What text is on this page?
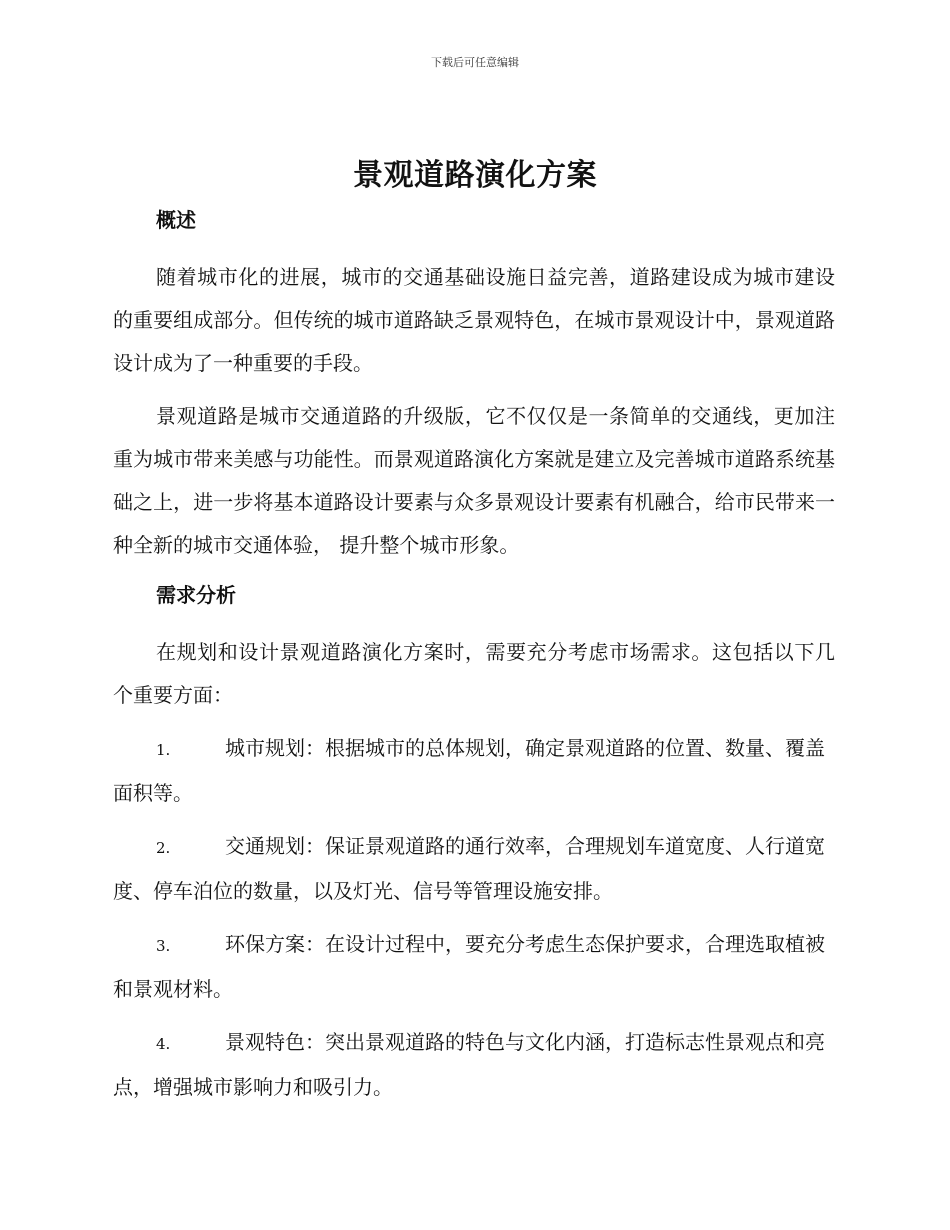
下载后可任意编辑
景观道路演化方案

概述

随着城市化的进展，城市的交通基础设施日益完善，道路建设成为城市建设的重要组成部分。但传统的城市道路缺乏景观特色，在城市景观设计中，景观道路设计成为了一种重要的手段。

景观道路是城市交通道路的升级版，它不仅仅是一条简单的交通线，更加注重为城市带来美感与功能性。而景观道路演化方案就是建立及完善城市道路系统基础之上，进一步将基本道路设计要素与众多景观设计要素有机融合，给市民带来一种全新的城市交通体验， 提升整个城市形象。

需求分析

在规划和设计景观道路演化方案时，需要充分考虑市场需求。这包括以下几个重要方面：

1.	城市规划：根据城市的总体规划，确定景观道路的位置、数量、覆盖面积等。

2.	交通规划：保证景观道路的通行效率，合理规划车道宽度、人行道宽度、停车泊位的数量，以及灯光、信号等管理设施安排。

3.	环保方案：在设计过程中，要充分考虑生态保护要求，合理选取植被和景观材料。

4.	景观特色：突出景观道路的特色与文化内涵，打造标志性景观点和亮点，增强城市影响力和吸引力。
